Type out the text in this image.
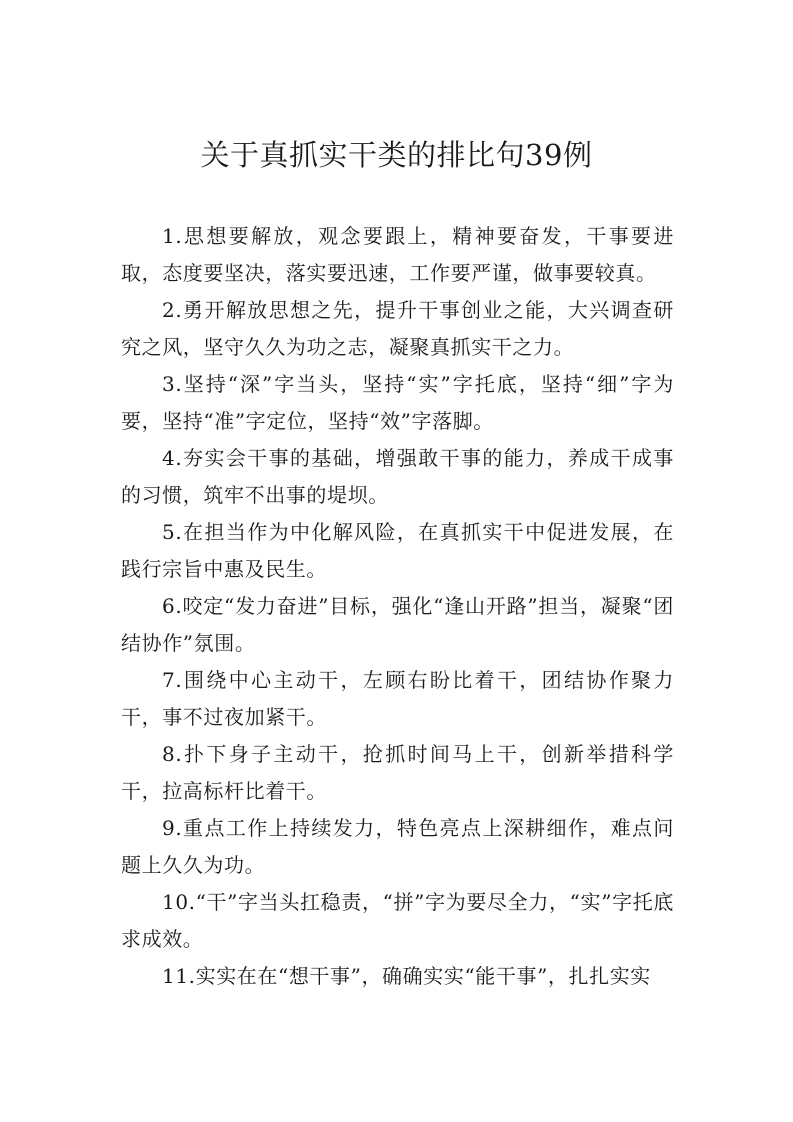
关于真抓实干类的排比句39例

1.思想要解放，观念要跟上，精神要奋发，干事要进取，态度要坚决，落实要迅速，工作要严谨，做事要较真。

2.勇开解放思想之先，提升干事创业之能，大兴调查研究之风，坚守久久为功之志，凝聚真抓实干之力。

3.坚持“深”字当头，坚持“实”字托底，坚持“细”字为要，坚持“准”字定位，坚持“效”字落脚。

4.夯实会干事的基础，增强敢干事的能力，养成干成事的习惯，筑牢不出事的堤坝。

5.在担当作为中化解风险，在真抓实干中促进发展，在践行宗旨中惠及民生。

6.咬定“发力奋进”目标，强化“逢山开路”担当，凝聚“团结协作”氛围。

7.围绕中心主动干，左顾右盼比着干，团结协作聚力干，事不过夜加紧干。

8.扑下身子主动干，抢抓时间马上干，创新举措科学干，拉高标杆比着干。

9.重点工作上持续发力，特色亮点上深耕细作，难点问题上久久为功。

10.“干”字当头扛稳责，“拼”字为要尽全力，“实”字托底求成效。

11.实实在在“想干事”，确确实实“能干事”，扎扎实实
